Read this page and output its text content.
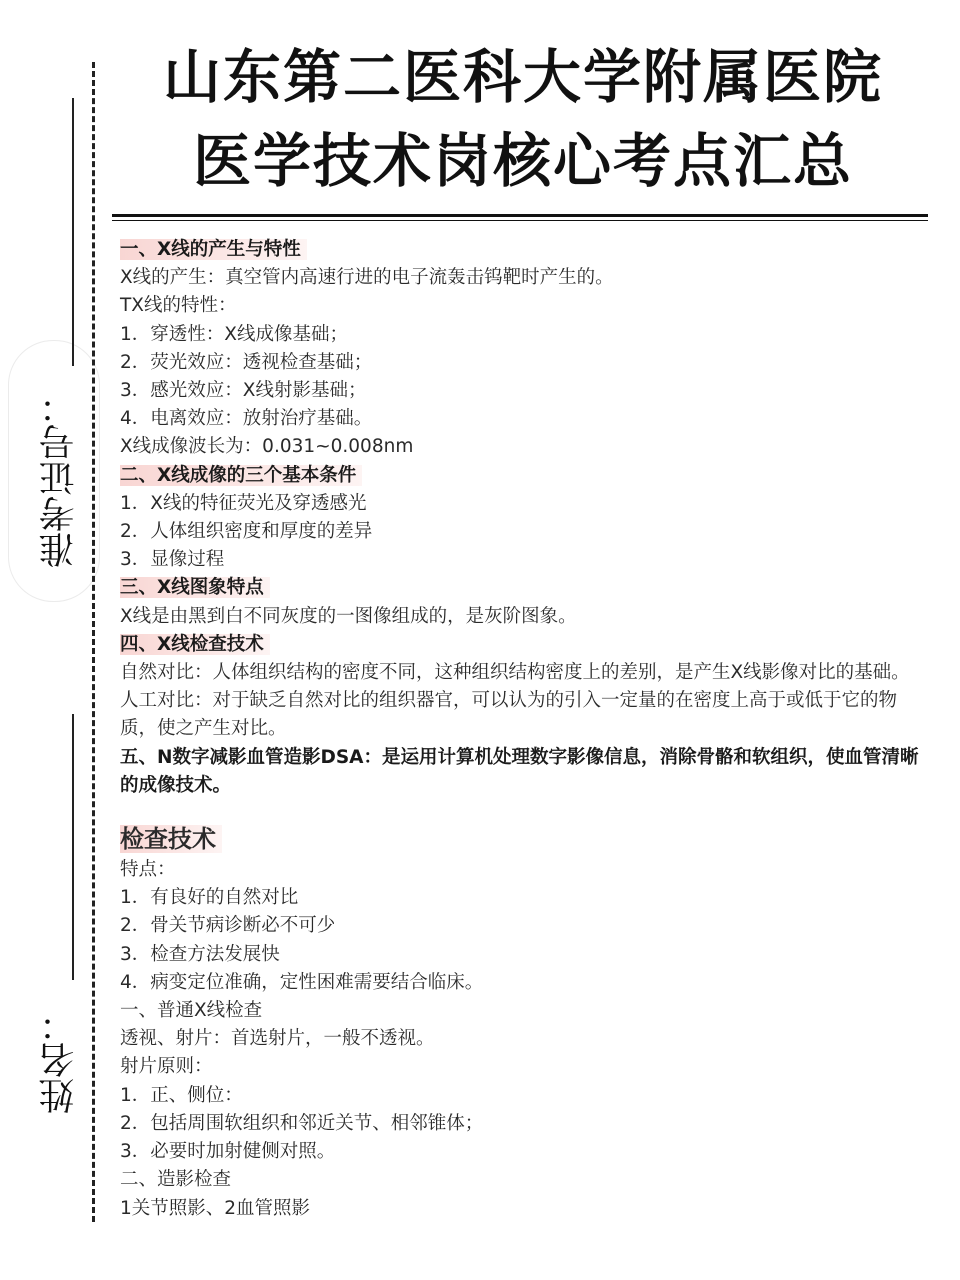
山东第二医科大学附属医院
医学技术岗核心考点汇总
准考证号：
姓名：
一、X线的产生与特性
X线的产生：真空管内高速行进的电子流轰击钨靶时产生的。
TX线的特性：
1．穿透性：X线成像基础；
2．荧光效应：透视检查基础；
3．感光效应：X线射影基础；
4．电离效应：放射治疗基础。
X线成像波长为：0.031~0.008nm
二、X线成像的三个基本条件
1．X线的特征荧光及穿透感光
2．人体组织密度和厚度的差异
3．显像过程
三、X线图象特点
X线是由黑到白不同灰度的一图像组成的，是灰阶图象。
四、X线检查技术
自然对比：人体组织结构的密度不同，这种组织结构密度上的差别，是产生X线影像对比的基础。
人工对比：对于缺乏自然对比的组织器官，可以认为的引入一定量的在密度上高于或低于它的物质，使之产生对比。
五、N数字减影血管造影DSA：是运用计算机处理数字影像信息，消除骨骼和软组织，使血管清晰的成像技术。
检查技术
特点：
1．有良好的自然对比
2．骨关节病诊断必不可少
3．检查方法发展快
4．病变定位准确，定性困难需要结合临床。
一、普通X线检查
透视、射片：首选射片，一般不透视。
射片原则：
1．正、侧位：
2．包括周围软组织和邻近关节、相邻锥体；
3．必要时加射健侧对照。
二、造影检查
1关节照影、2血管照影
